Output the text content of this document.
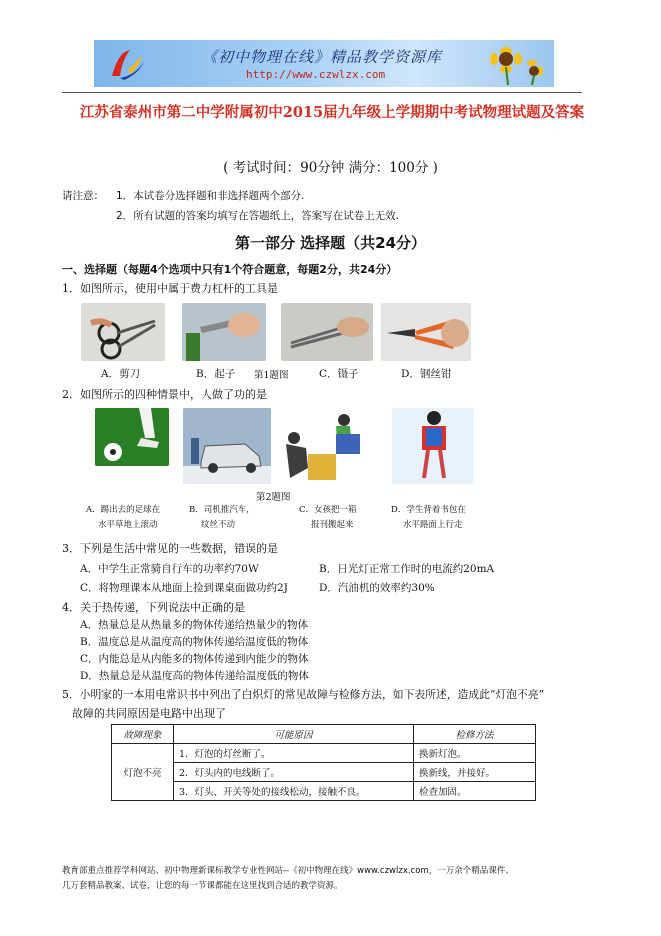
《初中物理在线》精品教学资源库
http://www.czwlzx.com
江苏省泰州市第二中学附属初中2015届九年级上学期期中考试物理试题及答案
( 考试时间：90分钟 满分：100分 )
请注意： 1．本试卷分选择题和非选择题两个部分.
2．所有试题的答案均填写在答题纸上，答案写在试卷上无效.
第一部分 选择题（共24分）
一、选择题（每题4个选项中只有1个符合题意，每题2分，共24分）
1．如图所示，使用中属于费力杠杆的工具是
A．剪刀	B．起子 第1题图	C．镊子	D．钢丝钳
2．如图所示的四种情景中，人做了功的是
第2题图
A．踢出去的足球在
水平草地上滚动
B．司机推汽车，
纹丝不动
C．女孩把一箱
报刊搬起来
D．学生背着书包在
水平路面上行走
3．下列是生活中常见的一些数据，错误的是
A．中学生正常骑自行车的功率约70W	B．日光灯正常工作时的电流约20mA
C．将物理课本从地面上捡到课桌面做功约2J	D．汽油机的效率约30%
4．关于热传递，下列说法中正确的是
A．热量总是从热量多的物体传递给热量少的物体
B．温度总是从温度高的物体传递给温度低的物体
C．内能总是从内能多的物体传递到内能少的物体
D．热量总是从温度高的物体传递给温度低的物体
5．小明家的一本用电常识书中列出了白炽灯的常见故障与检修方法，如下表所述，造成此“灯泡不亮”
故障的共同原因是电路中出现了
故障现象	可能原因	检修方法
灯泡不亮	1．灯泡的灯丝断了。	换新灯泡。
	2．灯头内的电线断了。	换新线，并接好。
	3．灯头、开关等处的接线松动，接触不良。	检查加固。
教育部重点推荐学科网站、初中物理新课标教学专业性网站--《初中物理在线》www.czwlzx.com，一万余个精品课件、
几万套精品教案、试卷，让您的每一节课都能在这里找到合适的教学资源。
